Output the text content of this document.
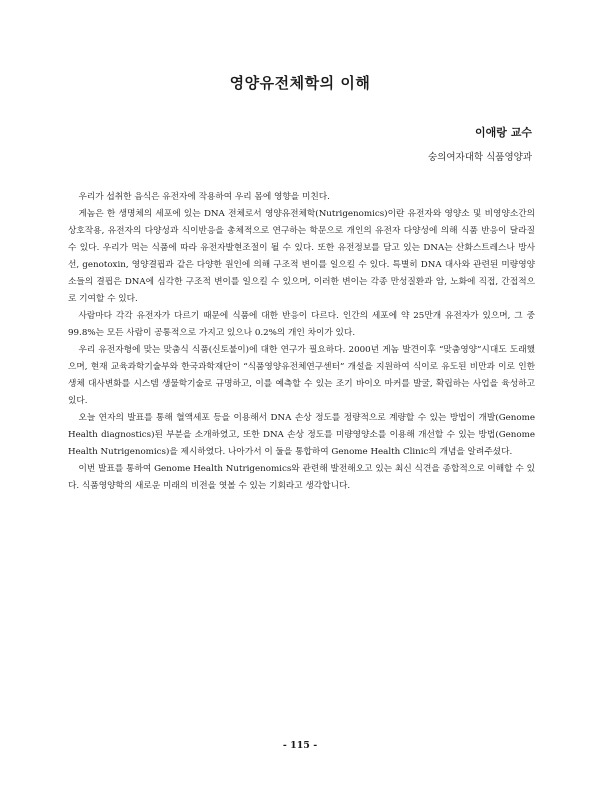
영양유전체학의 이해
이애랑 교수
숭의여자대학 식품영양과

우리가 섭취한 음식은 유전자에 작용하여 우리 몸에 영향을 미친다.

게놈은 한 생명체의 세포에 있는 DNA 전체로서 영양유전체학(Nutrigenomics)이란 유전자와 영양소 및 비영양소간의 상호작용, 유전자의 다양성과 식이반응을 총체적으로 연구하는 학문으로 개인의 유전자 다양성에 의해 식품 반응이 달라질 수 있다. 우리가 먹는 식품에 따라 유전자발현조절이 될 수 있다. 또한 유전정보를 담고 있는 DNA는 산화스트레스나 방사선, genotoxin, 영양결핍과 같은 다양한 원인에 의해 구조적 변이를 일으킬 수 있다. 특별히 DNA 대사와 관련된 미량영양소들의 결핍은 DNA에 심각한 구조적 변이를 일으킬 수 있으며, 이러한 변이는 각종 만성질환과 암, 노화에 직접, 간접적으로 기여할 수 있다.

사람마다 각각 유전자가 다르기 때문에 식품에 대한 반응이 다르다. 인간의 세포에 약 25만개 유전자가 있으며, 그 중 99.8%는 모든 사람이 공통적으로 가지고 있으나 0.2%의 개인 차이가 있다.

우리 유전자형에 맞는 맞춤식 식품(신토불이)에 대한 연구가 필요하다. 2000년 게놈 발견이후 “맞춤영양”시대도 도래했으며, 현재 교육과학기술부와 한국과학재단이 “식품영양유전체연구센터” 개설을 지원하여 식이로 유도된 비만과 이로 인한 생체 대사변화를 시스템 생물학기술로 규명하고, 이를 예측할 수 있는 조기 바이오 마커를 발굴, 확립하는 사업을 육성하고 있다.

오늘 연자의 발표를 통해 혈액세포 등을 이용해서 DNA 손상 정도를 정량적으로 계량할 수 있는 방법이 개발(Genome Health diagnostics)된 부분을 소개하였고, 또한 DNA 손상 정도를 미량영양소를 이용해 개선할 수 있는 방법(Genome Health Nutrigenomics)을 제시하였다. 나아가서 이 둘을 통합하여 Genome Health Clinic의 개념을 알려주셨다.

이번 발표를 통하여 Genome Health Nutrigenomics와 관련해 발전해오고 있는 최신 식견을 종합적으로 이해할 수 있다. 식품영양학의 새로운 미래의 비전을 엿볼 수 있는 기회라고 생각합니다.

- 115 -
